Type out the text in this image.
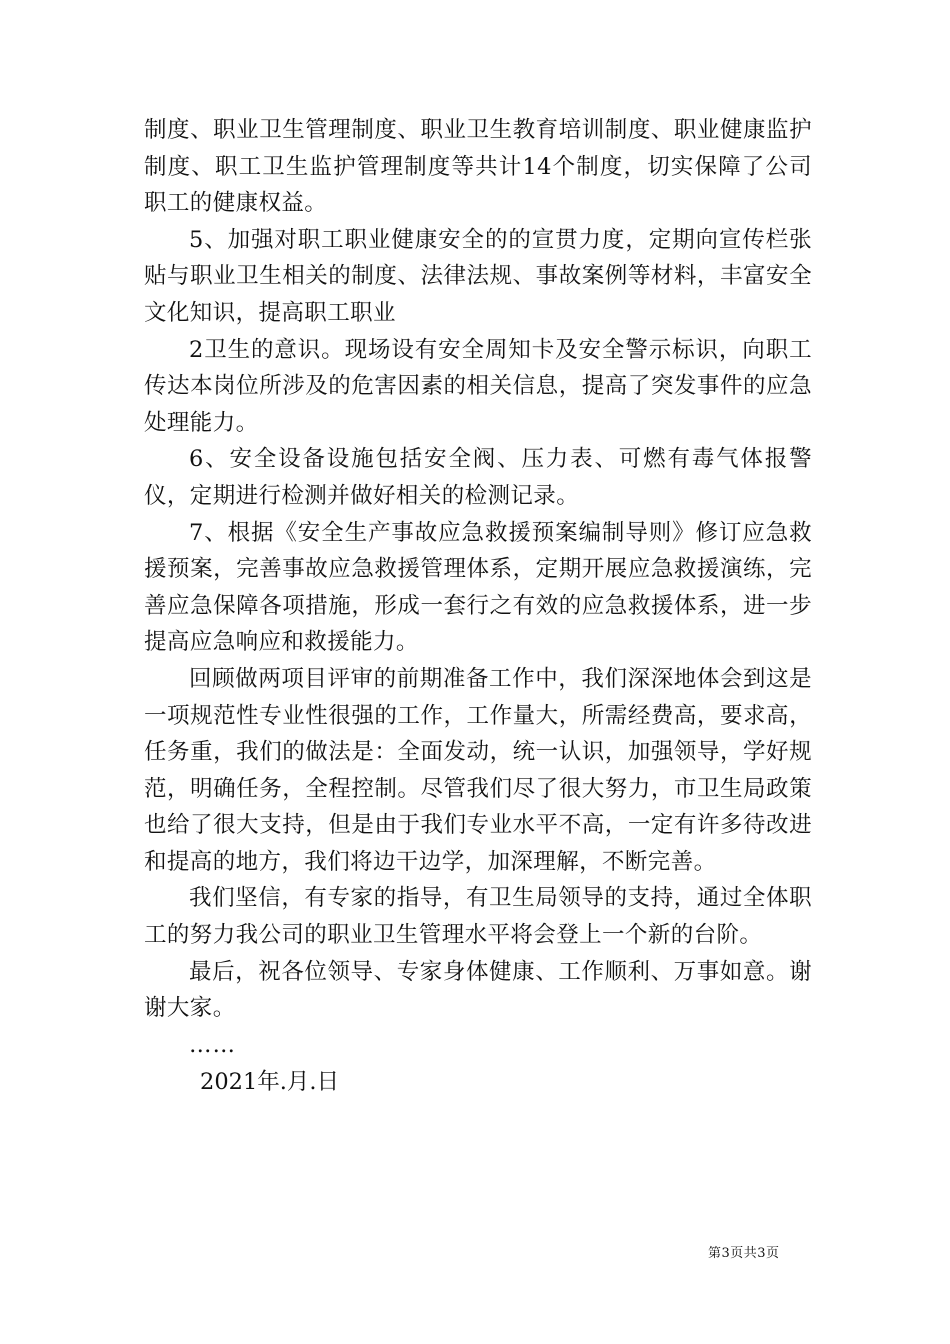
制度、职业卫生管理制度、职业卫生教育培训制度、职业健康监护制度、职工卫生监护管理制度等共计14个制度，切实保障了公司职工的健康权益。

5、加强对职工职业健康安全的的宣贯力度，定期向宣传栏张贴与职业卫生相关的制度、法律法规、事故案例等材料，丰富安全文化知识，提高职工职业

2卫生的意识。现场设有安全周知卡及安全警示标识，向职工传达本岗位所涉及的危害因素的相关信息，提高了突发事件的应急处理能力。

6、安全设备设施包括安全阀、压力表、可燃有毒气体报警仪，定期进行检测并做好相关的检测记录。

7、根据《安全生产事故应急救援预案编制导则》修订应急救援预案，完善事故应急救援管理体系，定期开展应急救援演练，完善应急保障各项措施，形成一套行之有效的应急救援体系，进一步提高应急响应和救援能力。

回顾做两项目评审的前期准备工作中，我们深深地体会到这是一项规范性专业性很强的工作，工作量大，所需经费高，要求高，任务重，我们的做法是：全面发动，统一认识，加强领导，学好规范，明确任务，全程控制。尽管我们尽了很大努力，市卫生局政策也给了很大支持，但是由于我们专业水平不高，一定有许多待改进和提高的地方，我们将边干边学，加深理解，不断完善。

我们坚信，有专家的指导，有卫生局领导的支持，通过全体职工的努力我公司的职业卫生管理水平将会登上一个新的台阶。

最后，祝各位领导、专家身体健康、工作顺利、万事如意。谢谢大家。

……

2021年.月.日

第3页共3页
